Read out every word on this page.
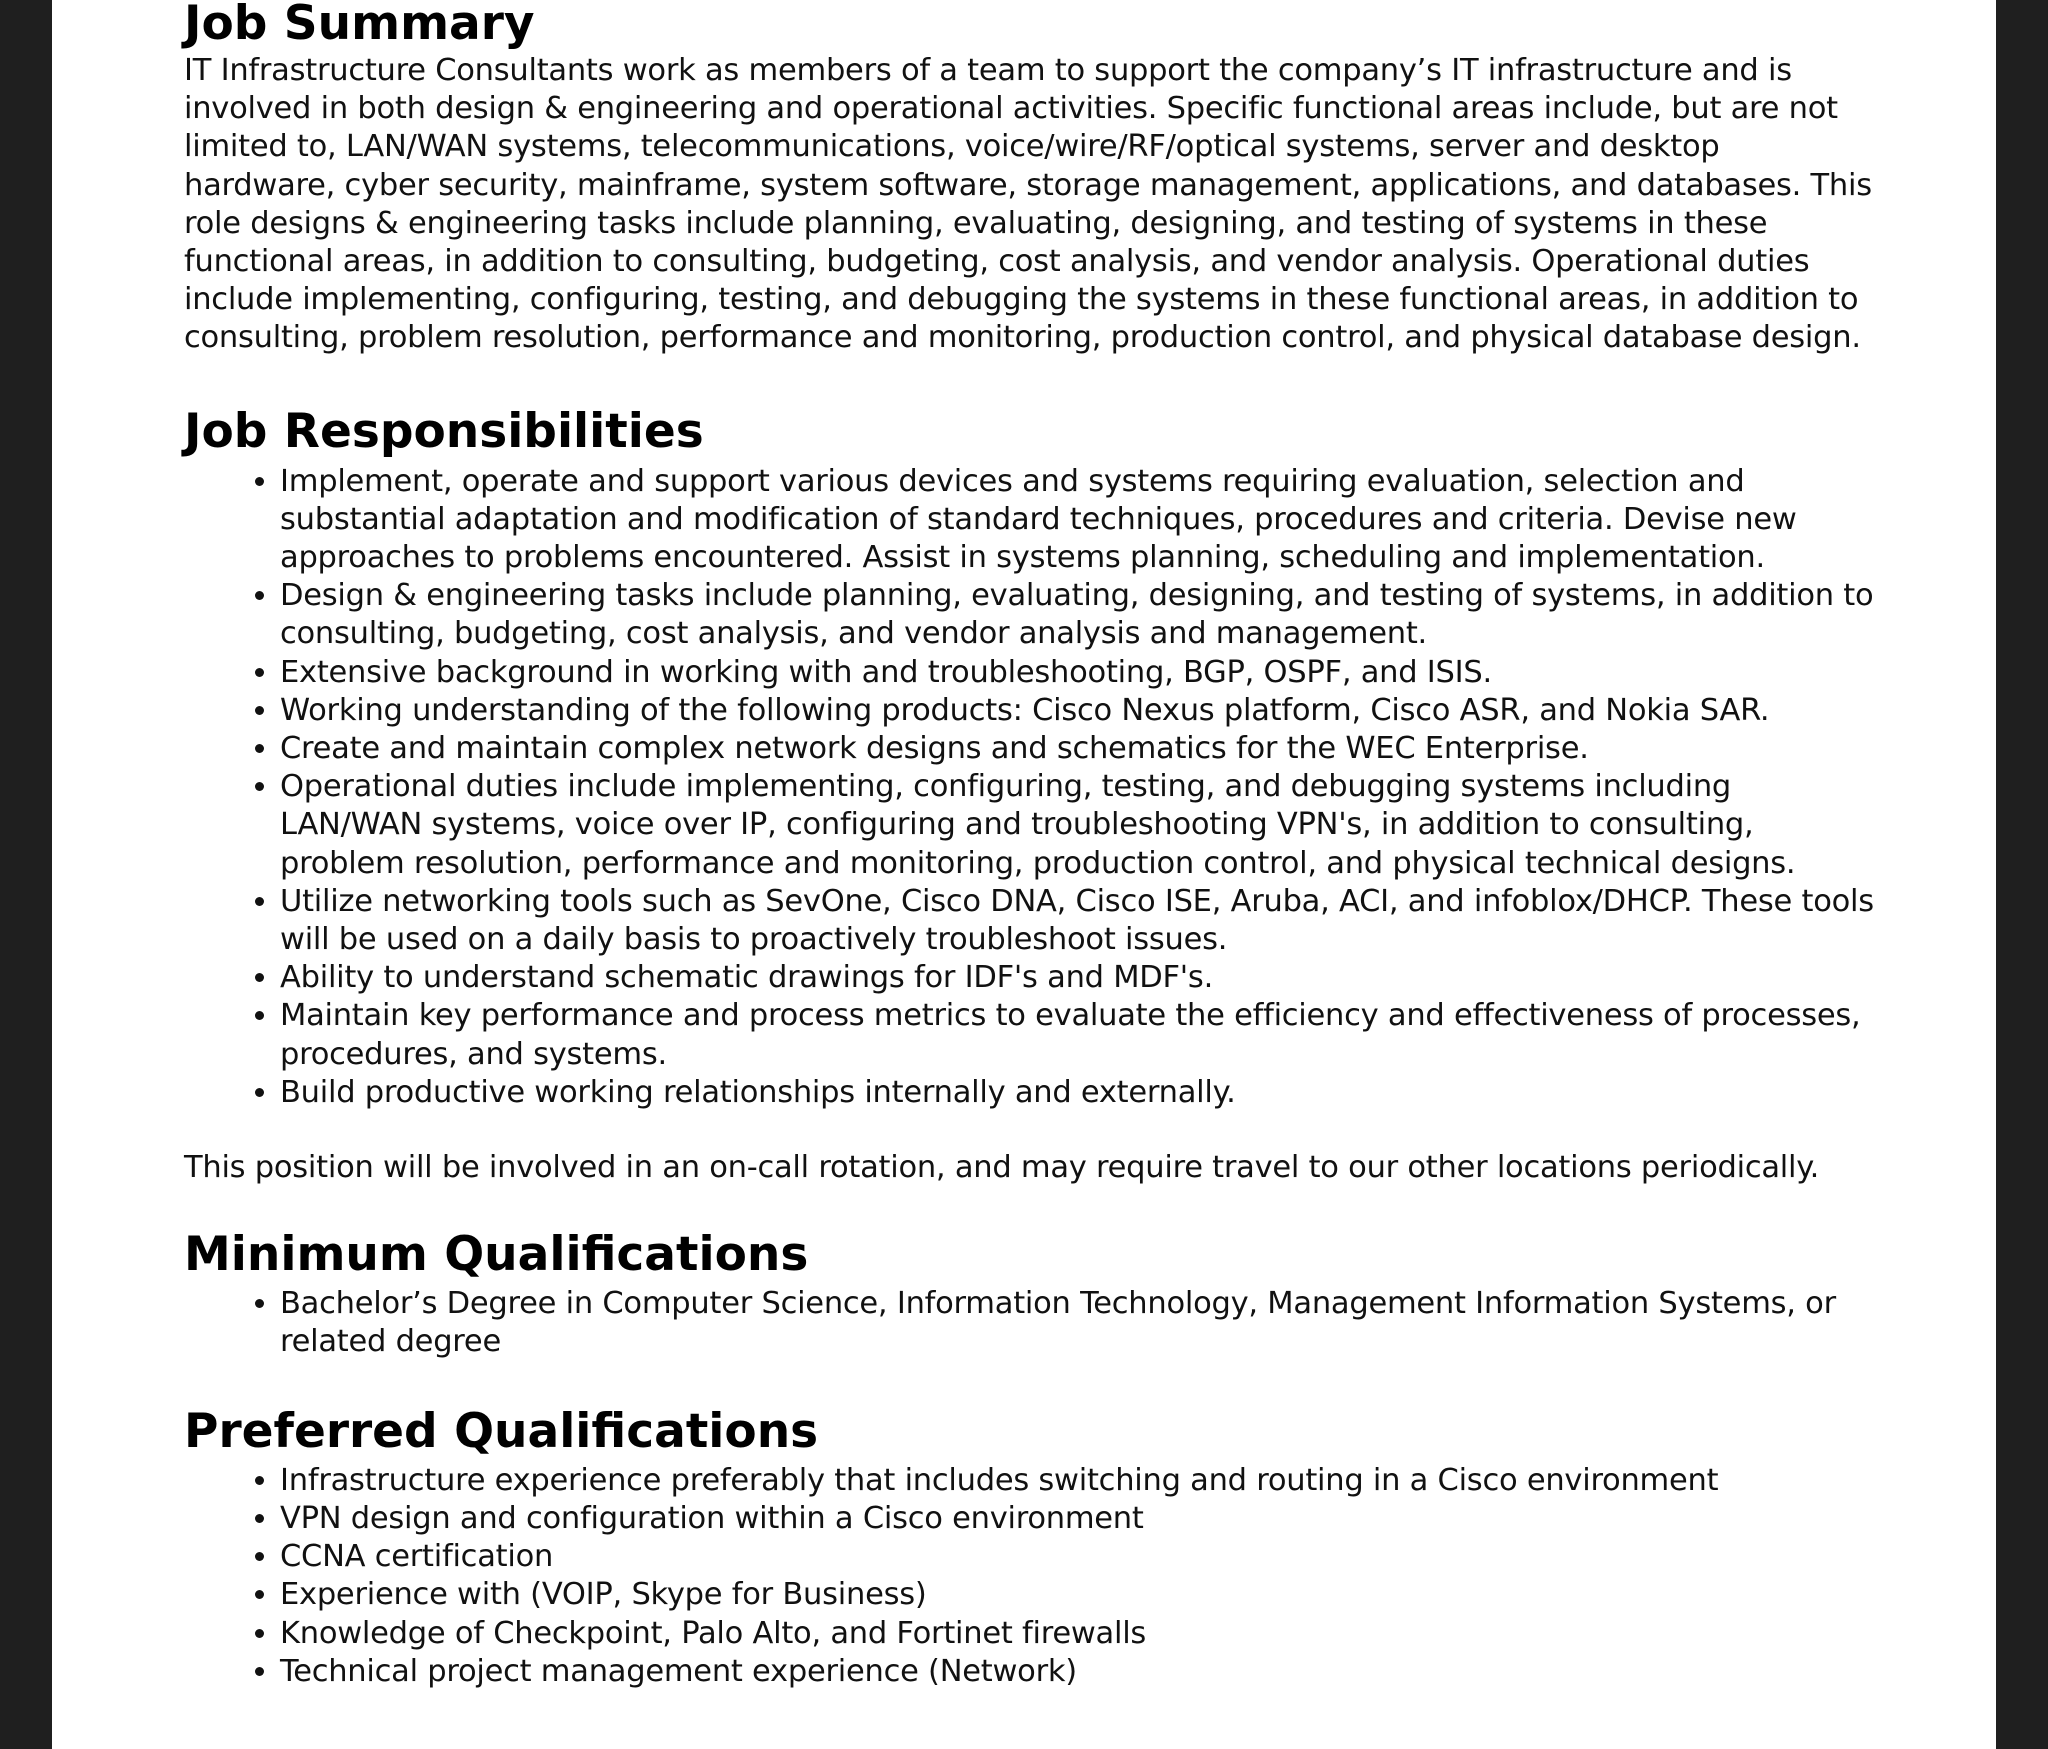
Job Summary

IT Infrastructure Consultants work as members of a team to support the company’s IT infrastructure and is involved in both design & engineering and operational activities. Specific functional areas include, but are not limited to, LAN/WAN systems, telecommunications, voice/wire/RF/optical systems, server and desktop hardware, cyber security, mainframe, system software, storage management, applications, and databases. This role designs & engineering tasks include planning, evaluating, designing, and testing of systems in these functional areas, in addition to consulting, budgeting, cost analysis, and vendor analysis. Operational duties include implementing, configuring, testing, and debugging the systems in these functional areas, in addition to consulting, problem resolution, performance and monitoring, production control, and physical database design.

Job Responsibilities
• Implement, operate and support various devices and systems requiring evaluation, selection and substantial adaptation and modification of standard techniques, procedures and criteria. Devise new approaches to problems encountered. Assist in systems planning, scheduling and implementation.
• Design & engineering tasks include planning, evaluating, designing, and testing of systems, in addition to consulting, budgeting, cost analysis, and vendor analysis and management.
• Extensive background in working with and troubleshooting, BGP, OSPF, and ISIS.
• Working understanding of the following products: Cisco Nexus platform, Cisco ASR, and Nokia SAR.
• Create and maintain complex network designs and schematics for the WEC Enterprise.
• Operational duties include implementing, configuring, testing, and debugging systems including LAN/WAN systems, voice over IP, configuring and troubleshooting VPN's, in addition to consulting, problem resolution, performance and monitoring, production control, and physical technical designs.
• Utilize networking tools such as SevOne, Cisco DNA, Cisco ISE, Aruba, ACI, and infoblox/DHCP. These tools will be used on a daily basis to proactively troubleshoot issues.
• Ability to understand schematic drawings for IDF's and MDF's.
• Maintain key performance and process metrics to evaluate the efficiency and effectiveness of processes, procedures, and systems.
• Build productive working relationships internally and externally.

This position will be involved in an on-call rotation, and may require travel to our other locations periodically.

Minimum Qualifications
• Bachelor’s Degree in Computer Science, Information Technology, Management Information Systems, or related degree
Preferred Qualifications
• Infrastructure experience preferably that includes switching and routing in a Cisco environment
• VPN design and configuration within a Cisco environment
• CCNA certification
• Experience with (VOIP, Skype for Business)
• Knowledge of Checkpoint, Palo Alto, and Fortinet firewalls
• Technical project management experience (Network)
